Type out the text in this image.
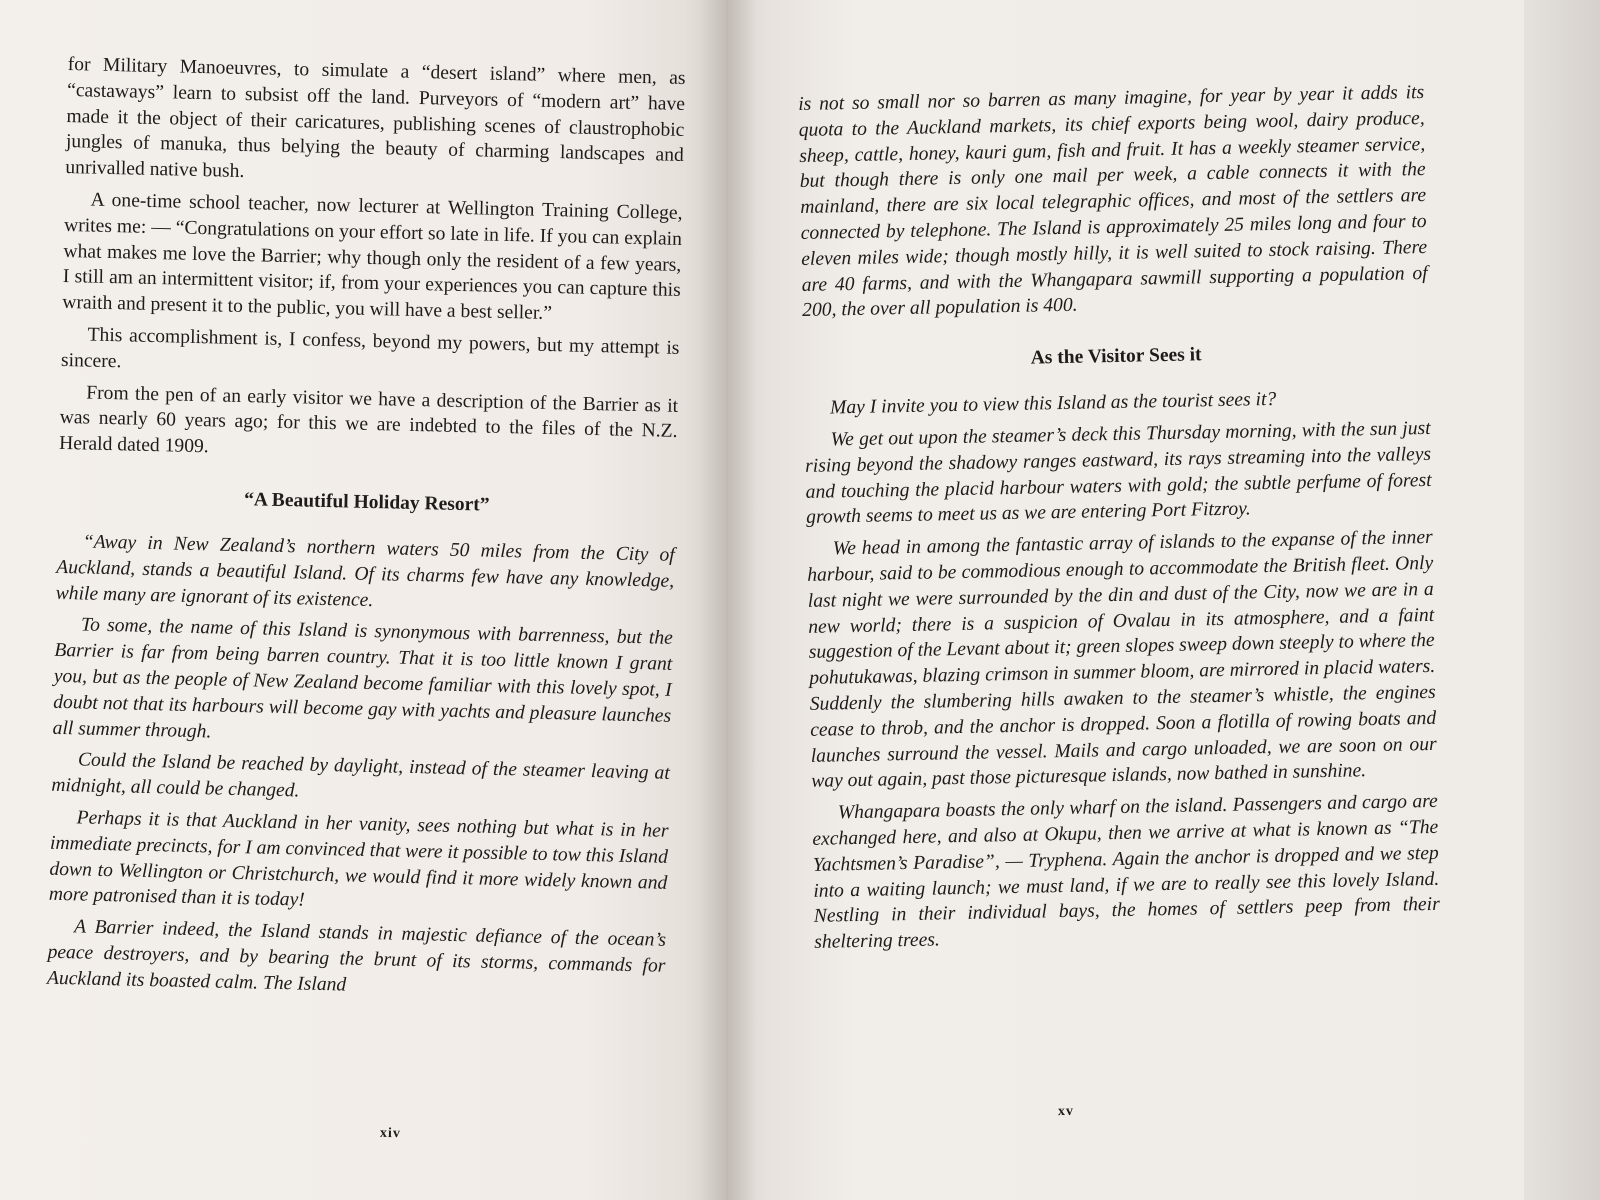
for Military Manoeuvres, to simulate a “desert island” where men, as “castaways” learn to subsist off the land. Purveyors of “modern art” have made it the object of their caricatures, publishing scenes of claustrophobic jungles of manuka, thus belying the beauty of charming landscapes and unrivalled native bush.

A one-time school teacher, now lecturer at Wellington Training College, writes me: — “Congratulations on your effort so late in life. If you can explain what makes me love the Barrier; why though only the resident of a few years, I still am an intermittent visitor; if, from your experiences you can capture this wraith and present it to the public, you will have a best seller.”

This accomplishment is, I confess, beyond my powers, but my attempt is sincere.

From the pen of an early visitor we have a description of the Barrier as it was nearly 60 years ago; for this we are indebted to the files of the N.Z. Herald dated 1909.

“A Beautiful Holiday Resort”

“Away in New Zealand’s northern waters 50 miles from the City of Auckland, stands a beautiful Island. Of its charms few have any knowledge, while many are ignorant of its existence.

To some, the name of this Island is synonymous with barrenness, but the Barrier is far from being barren country. That it is too little known I grant you, but as the people of New Zealand become familiar with this lovely spot, I doubt not that its harbours will become gay with yachts and pleasure launches all summer through.

Could the Island be reached by daylight, instead of the steamer leaving at midnight, all could be changed.

Perhaps it is that Auckland in her vanity, sees nothing but what is in her immediate precincts, for I am convinced that were it possible to tow this Island down to Wellington or Christchurch, we would find it more widely known and more patronised than it is today!

A Barrier indeed, the Island stands in majestic defiance of the ocean’s peace destroyers, and by bearing the brunt of its storms, commands for Auckland its boasted calm. The Island

xiv

is not so small nor so barren as many imagine, for year by year it adds its quota to the Auckland markets, its chief exports being wool, dairy produce, sheep, cattle, honey, kauri gum, fish and fruit. It has a weekly steamer service, but though there is only one mail per week, a cable connects it with the mainland, there are six local telegraphic offices, and most of the settlers are connected by telephone. The Island is approximately 25 miles long and four to eleven miles wide; though mostly hilly, it is well suited to stock raising. There are 40 farms, and with the Whangapara sawmill supporting a population of 200, the over all population is 400.

As the Visitor Sees it

May I invite you to view this Island as the tourist sees it?

We get out upon the steamer’s deck this Thursday morning, with the sun just rising beyond the shadowy ranges eastward, its rays streaming into the valleys and touching the placid harbour waters with gold; the subtle perfume of forest growth seems to meet us as we are entering Port Fitzroy.

We head in among the fantastic array of islands to the expanse of the inner harbour, said to be commodious enough to accommodate the British fleet. Only last night we were surrounded by the din and dust of the City, now we are in a new world; there is a suspicion of Ovalau in its atmosphere, and a faint suggestion of the Levant about it; green slopes sweep down steeply to where the pohutukawas, blazing crimson in summer bloom, are mirrored in placid waters. Suddenly the slumbering hills awaken to the steamer’s whistle, the engines cease to throb, and the anchor is dropped. Soon a flotilla of rowing boats and launches surround the vessel. Mails and cargo unloaded, we are soon on our way out again, past those picturesque islands, now bathed in sunshine.

Whangapara boasts the only wharf on the island. Passengers and cargo are exchanged here, and also at Okupu, then we arrive at what is known as “The Yachtsmen’s Paradise”, — Tryphena. Again the anchor is dropped and we step into a waiting launch; we must land, if we are to really see this lovely Island. Nestling in their individual bays, the homes of settlers peep from their sheltering trees.

xv
